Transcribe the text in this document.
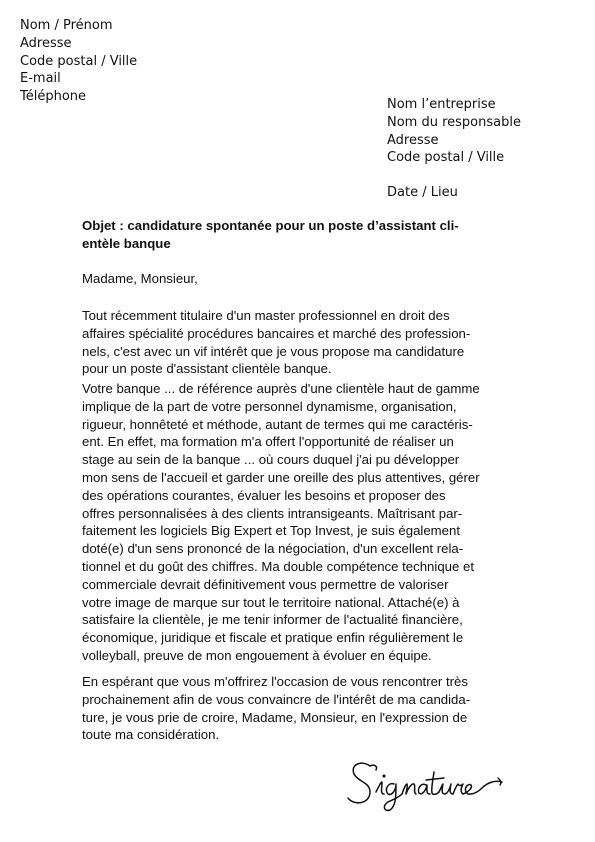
Nom / Prénom
Adresse
Code postal / Ville
E-mail
Téléphone
Nom l’entreprise
Nom du responsable
Adresse
Code postal / Ville
Date / Lieu
Objet : candidature spontanée pour un poste d’assistant cli-
entèle banque
Madame, Monsieur,
Tout récemment titulaire d'un master professionnel en droit des
affaires spécialité procédures bancaires et marché des profession-
nels, c'est avec un vif intérêt que je vous propose ma candidature
pour un poste d'assistant clientèle banque.
Votre banque ... de référence auprès d'une clientèle haut de gamme
implique de la part de votre personnel dynamisme, organisation,
rigueur, honnêteté et méthode, autant de termes qui me caractéris-
ent. En effet, ma formation m'a offert l'opportunité de réaliser un
stage au sein de la banque ... où cours duquel j'ai pu développer
mon sens de l'accueil et garder une oreille des plus attentives, gérer
des opérations courantes, évaluer les besoins et proposer des
offres personnalisées à des clients intransigeants. Maîtrisant par-
faitement les logiciels Big Expert et Top Invest, je suis également
doté(e) d'un sens prononcé de la négociation, d'un excellent rela-
tionnel et du goût des chiffres. Ma double compétence technique et
commerciale devrait définitivement vous permettre de valoriser
votre image de marque sur tout le territoire national. Attaché(e) à
satisfaire la clientèle, je me tenir informer de l'actualité financière,
économique, juridique et fiscale et pratique enfin régulièrement le
volleyball, preuve de mon engouement à évoluer en équipe.
En espérant que vous m'offrirez l'occasion de vous rencontrer très
prochainement afin de vous convaincre de l'intérêt de ma candida-
ture, je vous prie de croire, Madame, Monsieur, en l'expression de
toute ma considération.
